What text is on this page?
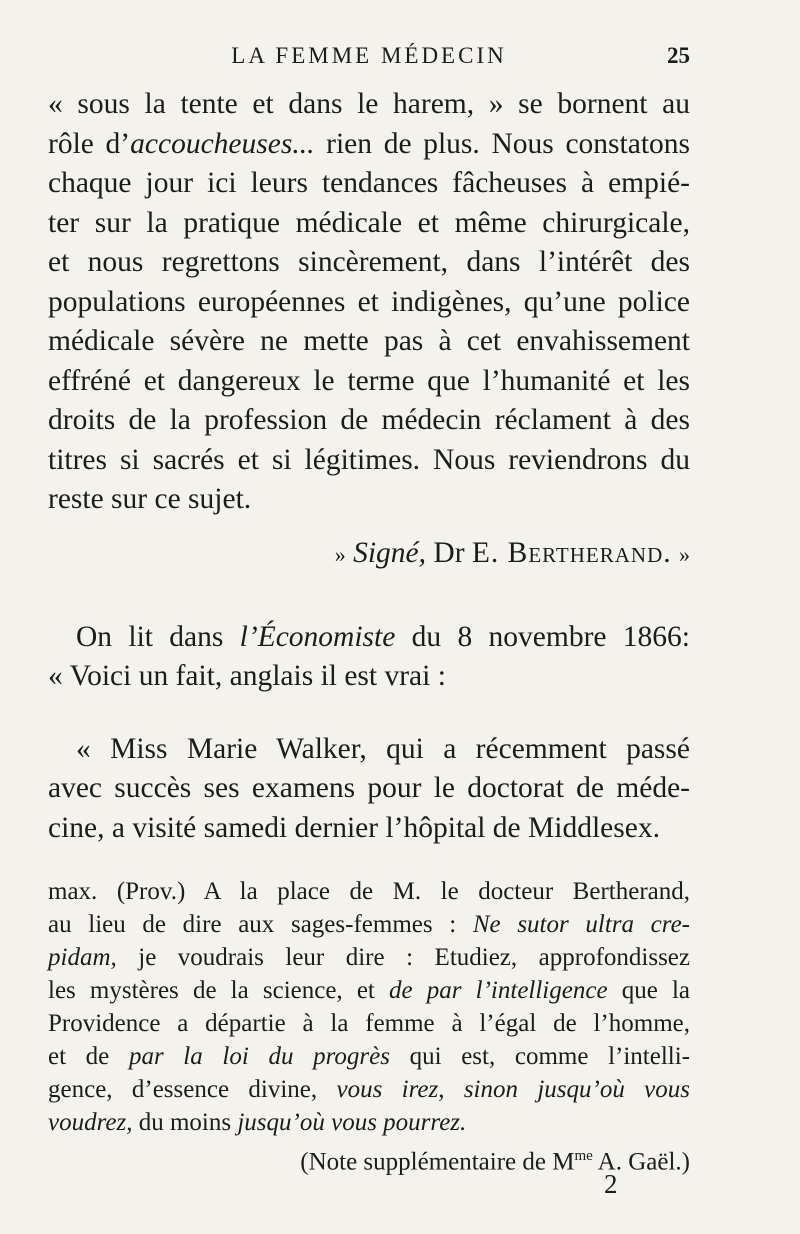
LA FEMME MÉDECIN	25
« sous la tente et dans le harem, » se bornent au
rôle d’accoucheuses... rien de plus. Nous constatons
chaque jour ici leurs tendances fâcheuses à empié-
ter sur la pratique médicale et même chirurgicale,
et nous regrettons sincèrement, dans l’intérêt des
populations européennes et indigènes, qu’une police
médicale sévère ne mette pas à cet envahissement
effréné et dangereux le terme que l’humanité et les
droits de la profession de médecin réclament à des
titres si sacrés et si légitimes. Nous reviendrons du
reste sur ce sujet.
» Signé, Dr E. Bertherand. »
On lit dans l’Économiste du 8 novembre 1866:
« Voici un fait, anglais il est vrai :
« Miss Marie Walker, qui a récemment passé
avec succès ses examens pour le doctorat de méde-
cine, a visité samedi dernier l’hôpital de Middlesex.
max. (Prov.) A la place de M. le docteur Bertherand,
au lieu de dire aux sages-femmes : Ne sutor ultra cre-
pidam, je voudrais leur dire : Etudiez, approfondissez
les mystères de la science, et de par l’intelligence que la
Providence a départie à la femme à l’égal de l’homme,
et de par la loi du progrès qui est, comme l’intelli-
gence, d’essence divine, vous irez, sinon jusqu’où vous
voudrez, du moins jusqu’où vous pourrez.
(Note supplémentaire de $M^{me}$ A. Gaël.)
2
